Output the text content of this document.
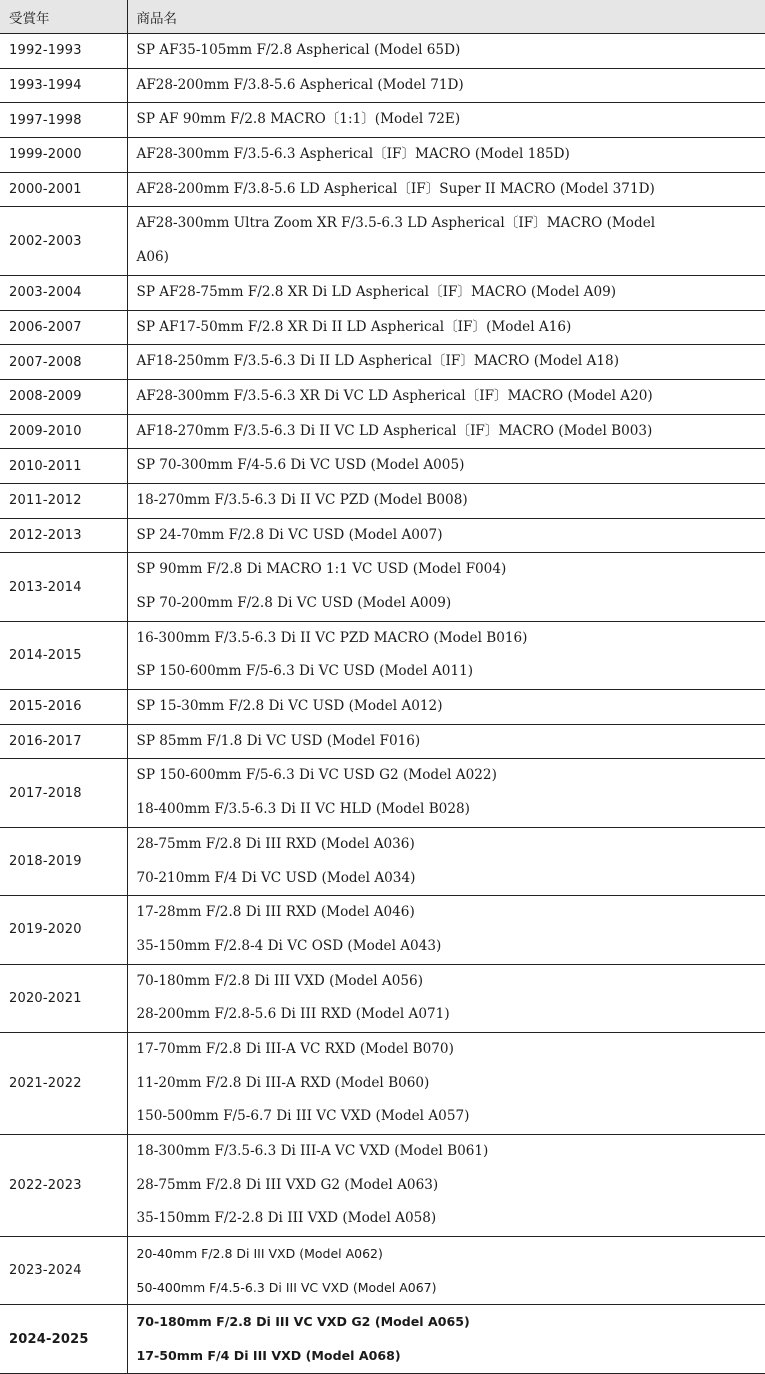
受賞年	商品名

1992-1993	SP AF35-105mm F/2.8 Aspherical (Model 65D)

1993-1994	AF28-200mm F/3.8-5.6 Aspherical (Model 71D)

1997-1998	SP AF 90mm F/2.8 MACRO〔1:1〕(Model 72E)

1999-2000	AF28-300mm F/3.5-6.3 Aspherical〔IF〕MACRO (Model 185D)

2000-2001	AF28-200mm F/3.8-5.6 LD Aspherical〔IF〕Super II MACRO (Model 371D)

2002-2003	AF28-300mm Ultra Zoom XR F/3.5-6.3 LD Aspherical〔IF〕MACRO (Model
A06)

2003-2004	SP AF28-75mm F/2.8 XR Di LD Aspherical〔IF〕MACRO (Model A09)

2006-2007	SP AF17-50mm F/2.8 XR Di II LD Aspherical〔IF〕(Model A16)

2007-2008	AF18-250mm F/3.5-6.3 Di II LD Aspherical〔IF〕MACRO (Model A18)

2008-2009	AF28-300mm F/3.5-6.3 XR Di VC LD Aspherical〔IF〕MACRO (Model A20)

2009-2010	AF18-270mm F/3.5-6.3 Di II VC LD Aspherical〔IF〕MACRO (Model B003)

2010-2011	SP 70-300mm F/4-5.6 Di VC USD (Model A005)

2011-2012	18-270mm F/3.5-6.3 Di II VC PZD (Model B008)

2012-2013	SP 24-70mm F/2.8 Di VC USD (Model A007)

2013-2014	SP 90mm F/2.8 Di MACRO 1:1 VC USD (Model F004)
SP 70-200mm F/2.8 Di VC USD (Model A009)

2014-2015	16-300mm F/3.5-6.3 Di II VC PZD MACRO (Model B016)
SP 150-600mm F/5-6.3 Di VC USD (Model A011)

2015-2016	SP 15-30mm F/2.8 Di VC USD (Model A012)

2016-2017	SP 85mm F/1.8 Di VC USD (Model F016)

2017-2018	SP 150-600mm F/5-6.3 Di VC USD G2 (Model A022)
18-400mm F/3.5-6.3 Di II VC HLD (Model B028)

2018-2019	28-75mm F/2.8 Di III RXD (Model A036)
70-210mm F/4 Di VC USD (Model A034)

2019-2020	17-28mm F/2.8 Di III RXD (Model A046)
35-150mm F/2.8-4 Di VC OSD (Model A043)

2020-2021	70-180mm F/2.8 Di III VXD (Model A056)
28-200mm F/2.8-5.6 Di III RXD (Model A071)

2021-2022	17-70mm F/2.8 Di III-A VC RXD (Model B070)
11-20mm F/2.8 Di III-A RXD (Model B060)
150-500mm F/5-6.7 Di III VC VXD (Model A057)

2022-2023	18-300mm F/3.5-6.3 Di III-A VC VXD (Model B061)
28-75mm F/2.8 Di III VXD G2 (Model A063)
35-150mm F/2-2.8 Di III VXD (Model A058)

2023-2024	20-40mm F/2.8 Di III VXD (Model A062)
50-400mm F/4.5-6.3 Di III VC VXD (Model A067)

2024-2025	70-180mm F/2.8 Di III VC VXD G2 (Model A065)
17-50mm F/4 Di III VXD (Model A068)
